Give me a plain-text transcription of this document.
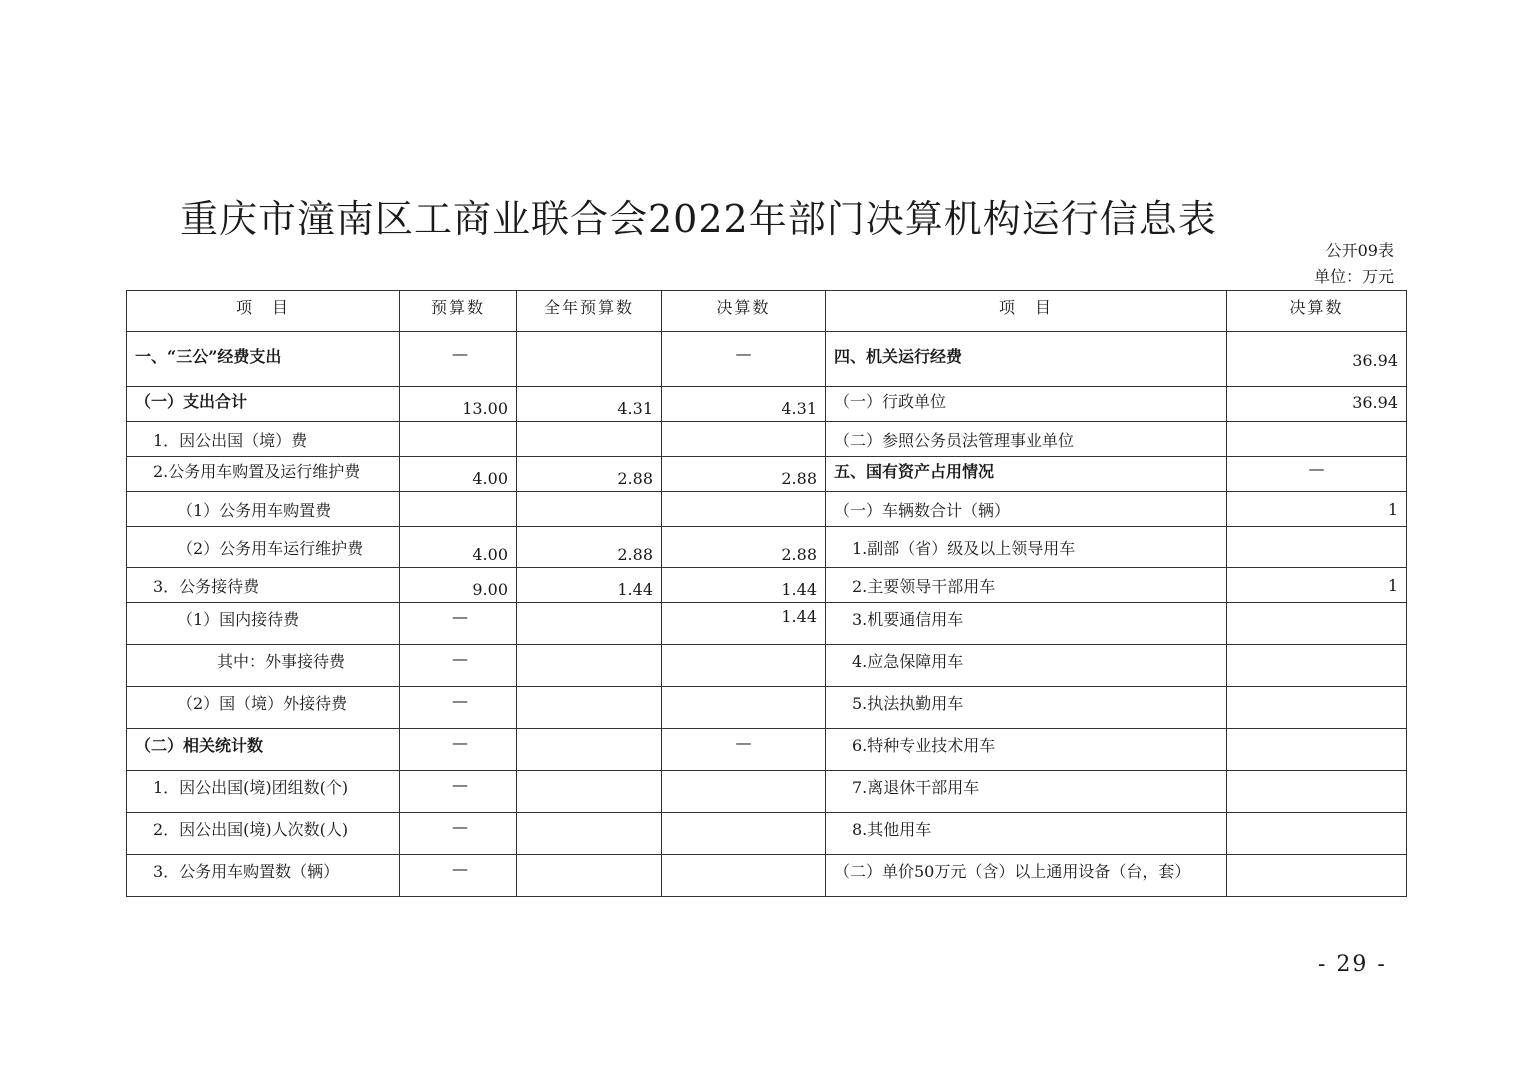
重庆市潼南区工商业联合会2022年部门决算机构运行信息表
公开09表
单位：万元
项　目	预算数	全年预算数	决算数	项　目	决算数
一、“三公”经费支出	—		—	四、机关运行经费	36.94
（一）支出合计	13.00	4.31	4.31	（一）行政单位	36.94
1．因公出国（境）费				（二）参照公务员法管理事业单位	
2.公务用车购置及运行维护费	4.00	2.88	2.88	五、国有资产占用情况	—
（1）公务用车购置费				（一）车辆数合计（辆）	1
（2）公务用车运行维护费	4.00	2.88	2.88	1.副部（省）级及以上领导用车	
3．公务接待费	9.00	1.44	1.44	2.主要领导干部用车	1
（1）国内接待费	—		1.44	3.机要通信用车	
其中：外事接待费	—			4.应急保障用车	
（2）国（境）外接待费	—			5.执法执勤用车	
（二）相关统计数	—		—	6.特种专业技术用车	
1．因公出国(境)团组数(个)	—			7.离退休干部用车	
2．因公出国(境)人次数(人)	—			8.其他用车	
3．公务用车购置数（辆）	—			（二）单价50万元（含）以上通用设备（台，套）	
- 29 -
